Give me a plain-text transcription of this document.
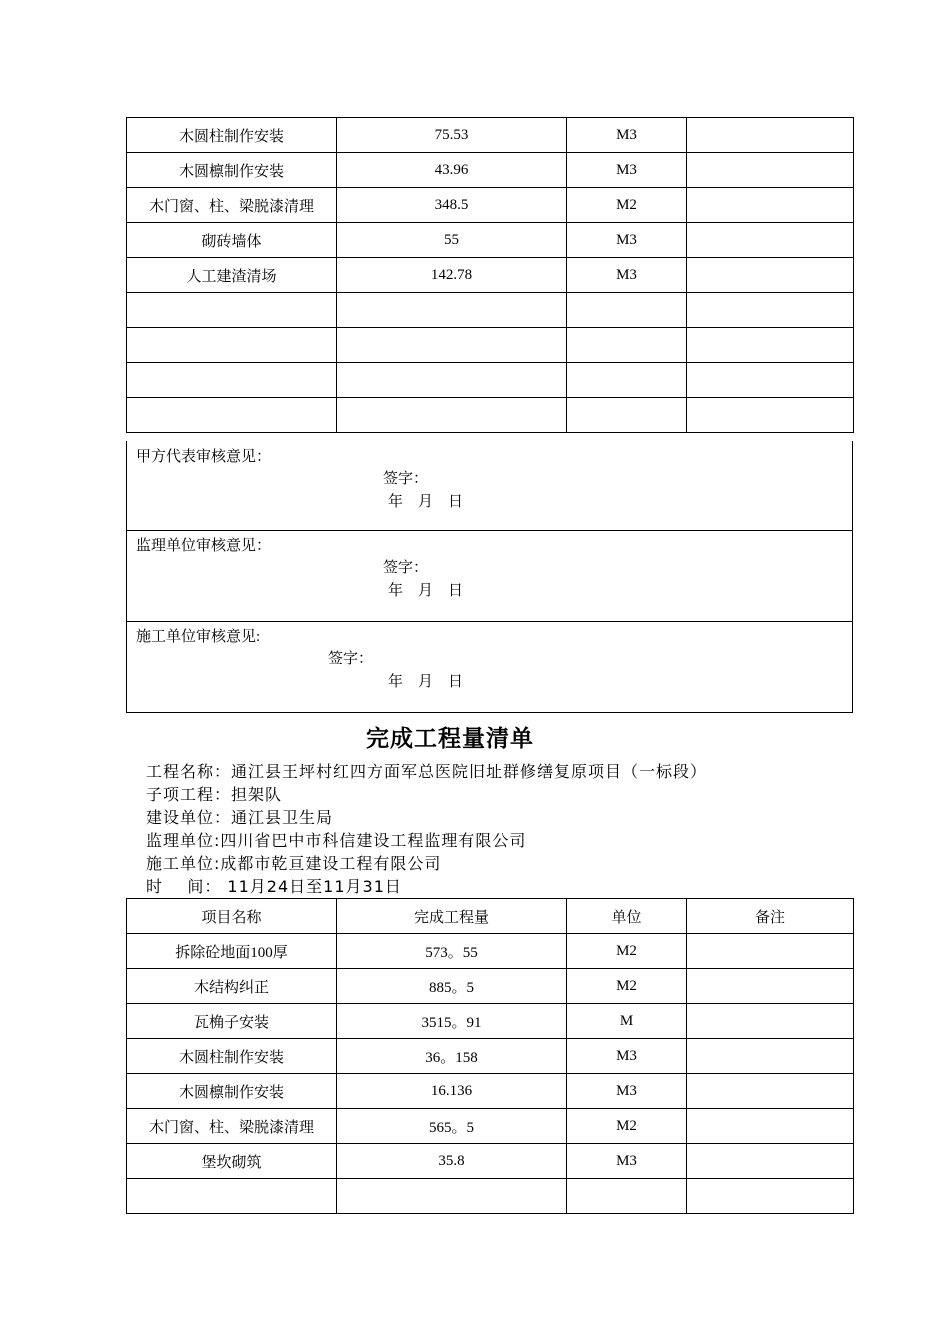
木圆柱制作安装	75.53	M3	
木圆檩制作安装	43.96	M3	
木门窗、柱、梁脱漆清理	348.5	M2	
砌砖墙体	55	M3	
人工建渣清场	142.78	M3	

甲方代表审核意见：
签字：
年    月    日
监理单位审核意见：
签字：
年    月    日
施工单位审核意见:
签字：
年    月    日
完成工程量清单
工程名称：通江县王坪村红四方面军总医院旧址群修缮复原项目（一标段）
子项工程：担架队
建设单位：通江县卫生局
监理单位:四川省巴中市科信建设工程监理有限公司
施工单位:成都市乾亘建设工程有限公司
时    间： 11月24日至11月31日
项目名称	完成工程量	单位	备注
拆除砼地面100厚	573。55	M2	
木结构纠正	885。5	M2	
瓦桷子安装	3515。91	M	
木圆柱制作安装	36。158	M3	
木圆檩制作安装	16.136	M3	
木门窗、柱、梁脱漆清理	565。5	M2	
堡坎砌筑	35.8	M3	
